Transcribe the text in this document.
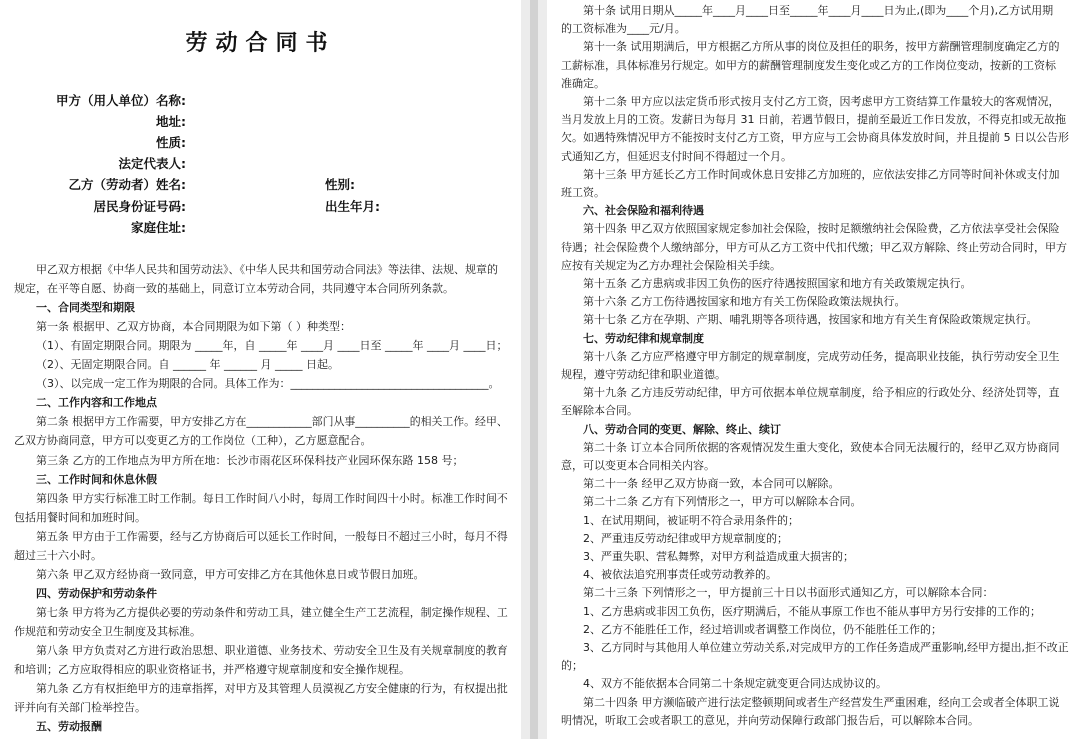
劳动合同书
甲方（用人单位）名称:
地址:
性质:
法定代表人:
乙方（劳动者）姓名:	性别:
居民身份证号码:	出生年月:
家庭住址:
甲乙双方根据《中华人民共和国劳动法》、《中华人民共和国劳动合同法》等法律、法规、规章的
规定，在平等自愿、协商一致的基础上，同意订立本劳动合同，共同遵守本合同所列条款。
一、合同类型和期限
第一条 根据甲、乙双方协商，本合同期限为如下第（ ）种类型：
（1）、有固定期限合同。期限为 _____年，自 _____年 ____月 ____日至 _____年 ____月 ____日；
（2）、无固定期限合同。自 ______ 年 ______ 月 _____ 日起。
（3）、以完成一定工作为期限的合同。具体工作为：____________________________________。
二、工作内容和工作地点
第二条 根据甲方工作需要，甲方安排乙方在____________部门从事__________的相关工作。经甲、
乙双方协商同意，甲方可以变更乙方的工作岗位（工种），乙方愿意配合。
第三条 乙方的工作地点为甲方所在地：长沙市雨花区环保科技产业园环保东路 158 号；
三、工作时间和休息休假
第四条 甲方实行标准工时工作制。每日工作时间八小时，每周工作时间四十小时。标准工作时间不
包括用餐时间和加班时间。
第五条 甲方由于工作需要，经与乙方协商后可以延长工作时间，一般每日不超过三小时，每月不得
超过三十六小时。
第六条 甲乙双方经协商一致同意，甲方可安排乙方在其他休息日或节假日加班。
四、劳动保护和劳动条件
第七条 甲方将为乙方提供必要的劳动条件和劳动工具，建立健全生产工艺流程，制定操作规程、工
作规范和劳动安全卫生制度及其标准。
第八条 甲方负责对乙方进行政治思想、职业道德、业务技术、劳动安全卫生及有关规章制度的教育
和培训；乙方应取得相应的职业资格证书，并严格遵守规章制度和安全操作规程。
第九条 乙方有权拒绝甲方的违章指挥，对甲方及其管理人员漠视乙方安全健康的行为，有权提出批
评并向有关部门检举控告。
五、劳动报酬
第十条 试用日期从_____年____月____日至_____年____月____日为止,(即为____个月),乙方试用期
的工资标准为____元/月。
第十一条 试用期满后，甲方根据乙方所从事的岗位及担任的职务，按甲方薪酬管理制度确定乙方的
工薪标准，具体标准另行规定。如甲方的薪酬管理制度发生变化或乙方的工作岗位变动，按新的工资标
准确定。
第十二条 甲方应以法定货币形式按月支付乙方工资，因考虑甲方工资结算工作量较大的客观情况，
当月发放上月的工资。发薪日为每月 31 日前，若遇节假日，提前至最近工作日发放，不得克扣或无故拖
欠。如遇特殊情况甲方不能按时支付乙方工资，甲方应与工会协商具体发放时间，并且提前 5 日以公告形
式通知乙方，但延迟支付时间不得超过一个月。
第十三条 甲方延长乙方工作时间或休息日安排乙方加班的，应依法安排乙方同等时间补休或支付加
班工资。
六、社会保险和福利待遇
第十四条 甲乙双方依照国家规定参加社会保险，按时足额缴纳社会保险费，乙方依法享受社会保险
待遇；社会保险费个人缴纳部分，甲方可从乙方工资中代扣代缴；甲乙双方解除、终止劳动合同时，甲方
应按有关规定为乙方办理社会保险相关手续。
第十五条 乙方患病或非因工负伤的医疗待遇按照国家和地方有关政策规定执行。
第十六条 乙方工伤待遇按国家和地方有关工伤保险政策法规执行。
第十七条 乙方在孕期、产期、哺乳期等各项待遇，按国家和地方有关生育保险政策规定执行。
七、劳动纪律和规章制度
第十八条 乙方应严格遵守甲方制定的规章制度，完成劳动任务，提高职业技能，执行劳动安全卫生
规程，遵守劳动纪律和职业道德。
第十九条 乙方违反劳动纪律，甲方可依据本单位规章制度，给予相应的行政处分、经济处罚等，直
至解除本合同。
八、劳动合同的变更、解除、终止、续订
第二十条 订立本合同所依据的客观情况发生重大变化，致使本合同无法履行的，经甲乙双方协商同
意，可以变更本合同相关内容。
第二十一条 经甲乙双方协商一致，本合同可以解除。
第二十二条 乙方有下列情形之一，甲方可以解除本合同。
1、在试用期间，被证明不符合录用条件的；
2、严重违反劳动纪律或甲方规章制度的；
3、严重失职、营私舞弊，对甲方利益造成重大损害的；
4、被依法追究刑事责任或劳动教养的。
第二十三条 下列情形之一，甲方提前三十日以书面形式通知乙方，可以解除本合同：
1、乙方患病或非因工负伤，医疗期满后，不能从事原工作也不能从事甲方另行安排的工作的；
2、乙方不能胜任工作，经过培训或者调整工作岗位，仍不能胜任工作的；
3、乙方同时与其他用人单位建立劳动关系,对完成甲方的工作任务造成严重影响,经甲方提出,拒不改正
的；
4、双方不能依据本合同第二十条规定就变更合同达成协议的。
第二十四条 甲方濒临破产进行法定整顿期间或者生产经营发生严重困难，经向工会或者全体职工说
明情况，听取工会或者职工的意见，并向劳动保障行政部门报告后，可以解除本合同。
